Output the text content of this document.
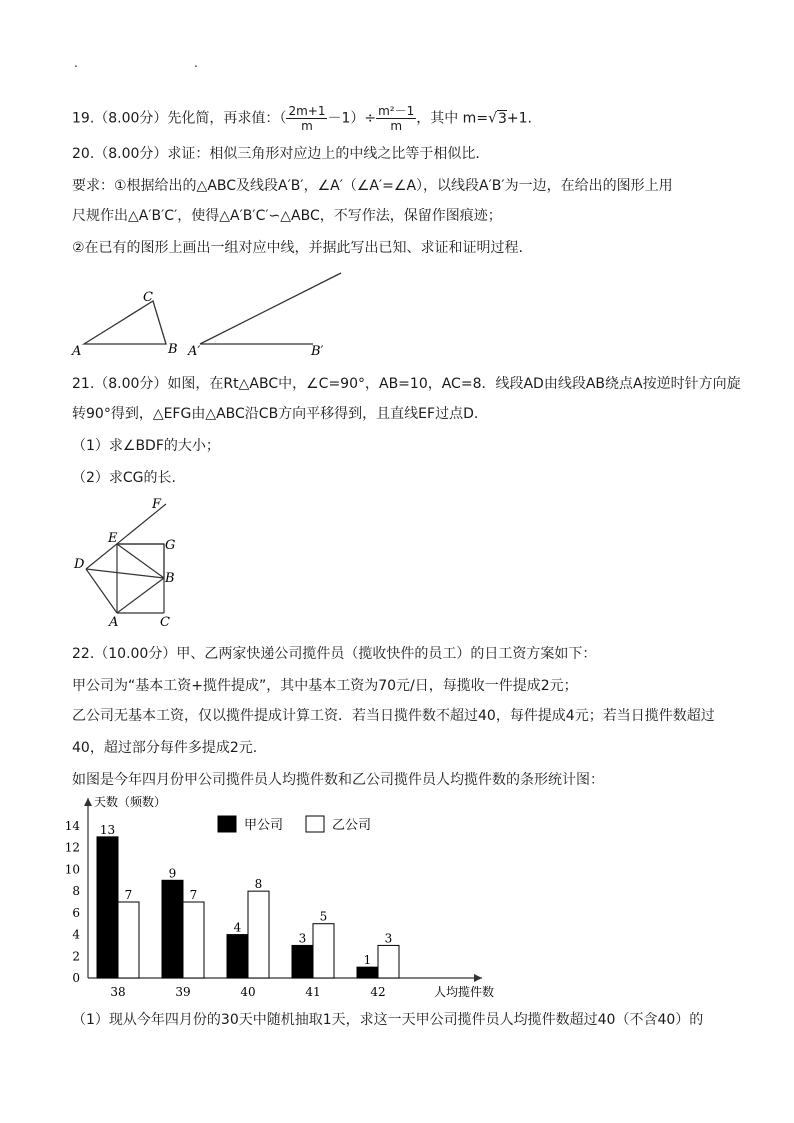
.	.
19.（8.00分）先化简，再求值：（ $\frac{2m+1}{m} -1)\div \frac{\text{m²－1}}{m}$ ，其中 m=√3+1.
20.（8.00分）求证：相似三角形对应边上的中线之比等于相似比.
要求：①根据给出的△ABC及线段A′B′，∠A′（∠A′=∠A），以线段A′B′为一边，在给出的图形上用
尺规作出△A′B′C′，使得△A′B′C′∽△ABC，不写作法，保留作图痕迹；
②在已有的图形上画出一组对应中线，并据此写出已知、求证和证明过程.
A
C
B A′	B′
21.（8.00分）如图，在Rt△ABC中，∠C=90°，AB=10，AC=8．线段AD由线段AB绕点A按逆时针方向旋
转90°得到，△EFG由△ABC沿CB方向平移得到，且直线EF过点D.
（1）求∠BDF的大小；
（2）求CG的长.
F
E	G
D
B
A	C
22.（10.00分）甲、乙两家快递公司揽件员（揽收快件的员工）的日工资方案如下：
甲公司为“基本工资+揽件提成”，其中基本工资为70元/日，每揽收一件提成2元；
乙公司无基本工资，仅以揽件提成计算工资．若当日揽件数不超过40，每件提成4元；若当日揽件数超过
40，超过部分每件多提成2元.
如图是今年四月份甲公司揽件员人均揽件数和乙公司揽件员人均揽件数的条形统计图：
天数（频数）
人均揽件数
0
2
4
6
8
10
12
14 13
7
38
9
7
39
4
8
40
3
5
41
1
3
42
甲公司	乙公司
（1）现从今年四月份的30天中随机抽取1天，求这一天甲公司揽件员人均揽件数超过40（不含40）的
